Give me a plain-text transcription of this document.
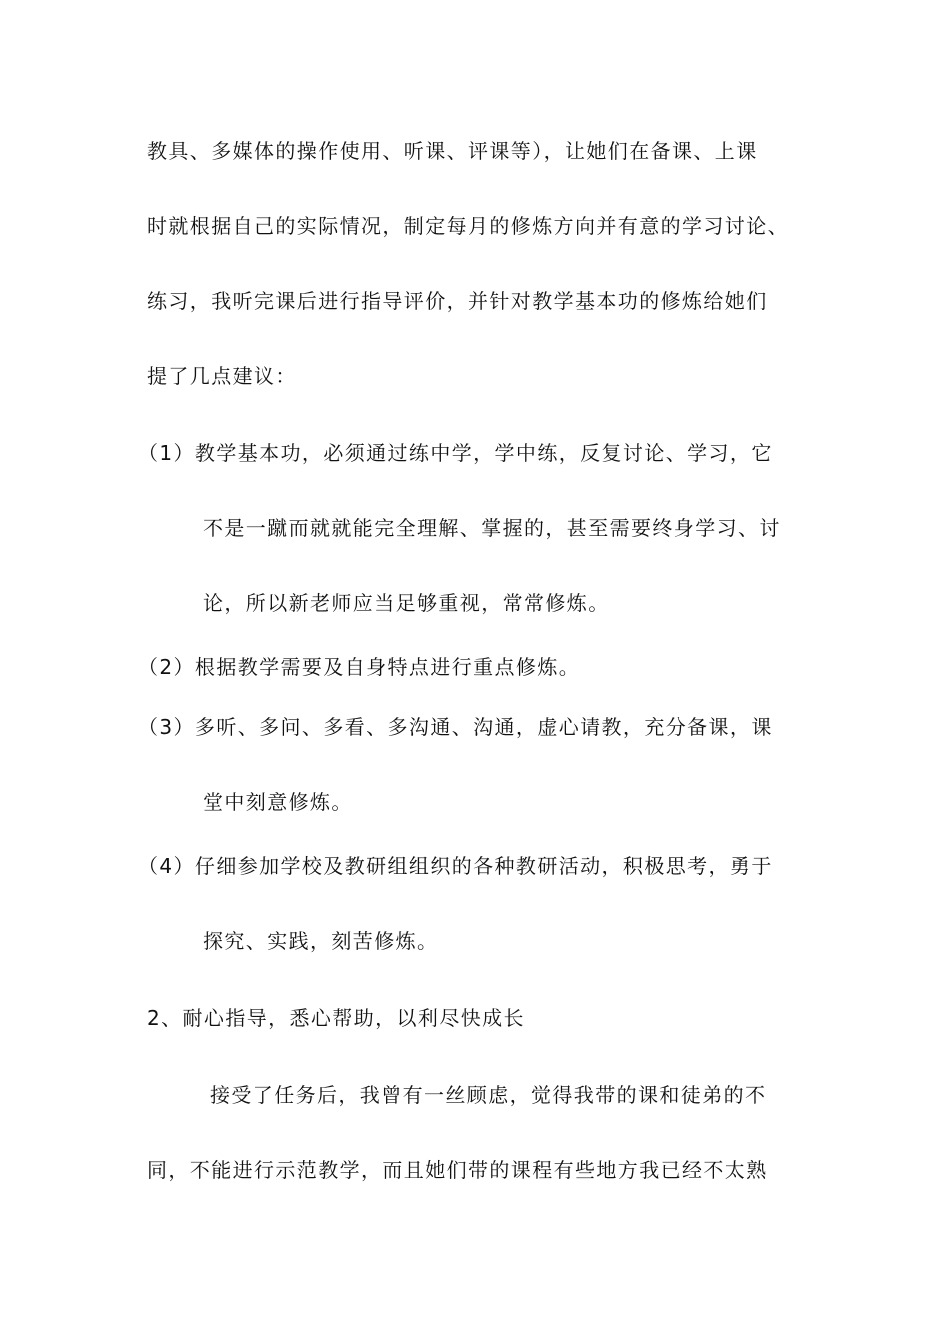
教具、多媒体的操作使用、听课、评课等），让她们在备课、上课
时就根据自己的实际情况，制定每月的修炼方向并有意的学习讨论、
练习，我听完课后进行指导评价，并针对教学基本功的修炼给她们
提了几点建议：
（1）教学基本功，必须通过练中学，学中练，反复讨论、学习，它
不是一蹴而就就能完全理解、掌握的，甚至需要终身学习、讨
论，所以新老师应当足够重视，常常修炼。
（2）根据教学需要及自身特点进行重点修炼。
（3）多听、多问、多看、多沟通、沟通，虚心请教，充分备课，课
堂中刻意修炼。
（4）仔细参加学校及教研组组织的各种教研活动，积极思考，勇于
探究、实践，刻苦修炼。
2、耐心指导，悉心帮助，以利尽快成长
接受了任务后，我曾有一丝顾虑，觉得我带的课和徒弟的不
同，不能进行示范教学，而且她们带的课程有些地方我已经不太熟
